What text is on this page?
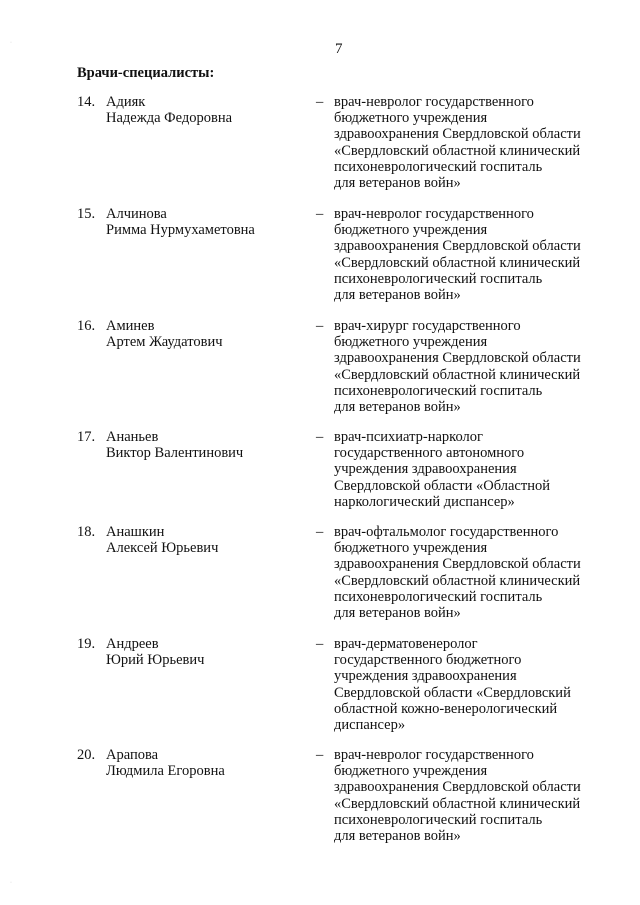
7
Врачи-специалисты:
14. Адияк
Надежда Федоровна
– врач-невролог государственного
бюджетного учреждения
здравоохранения Свердловской области
«Свердловский областной клинический
психоневрологический госпиталь
для ветеранов войн»
15. Алчинова
Римма Нурмухаметовна
– врач-невролог государственного
бюджетного учреждения
здравоохранения Свердловской области
«Свердловский областной клинический
психоневрологический госпиталь
для ветеранов войн»
16. Аминев
Артем Жаудатович
– врач-хирург государственного
бюджетного учреждения
здравоохранения Свердловской области
«Свердловский областной клинический
психоневрологический госпиталь
для ветеранов войн»
17. Ананьев
Виктор Валентинович
– врач-психиатр-нарколог
государственного автономного
учреждения здравоохранения
Свердловской области «Областной
наркологический диспансер»
18. Анашкин
Алексей Юрьевич
– врач-офтальмолог государственного
бюджетного учреждения
здравоохранения Свердловской области
«Свердловский областной клинический
психоневрологический госпиталь
для ветеранов войн»
19. Андреев
Юрий Юрьевич
– врач-дерматовенеролог
государственного бюджетного
учреждения здравоохранения
Свердловской области «Свердловский
областной кожно-венерологический
диспансер»
20. Арапова
Людмила Егоровна
– врач-невролог государственного
бюджетного учреждения
здравоохранения Свердловской области
«Свердловский областной клинический
психоневрологический госпиталь
для ветеранов войн»
·
·
